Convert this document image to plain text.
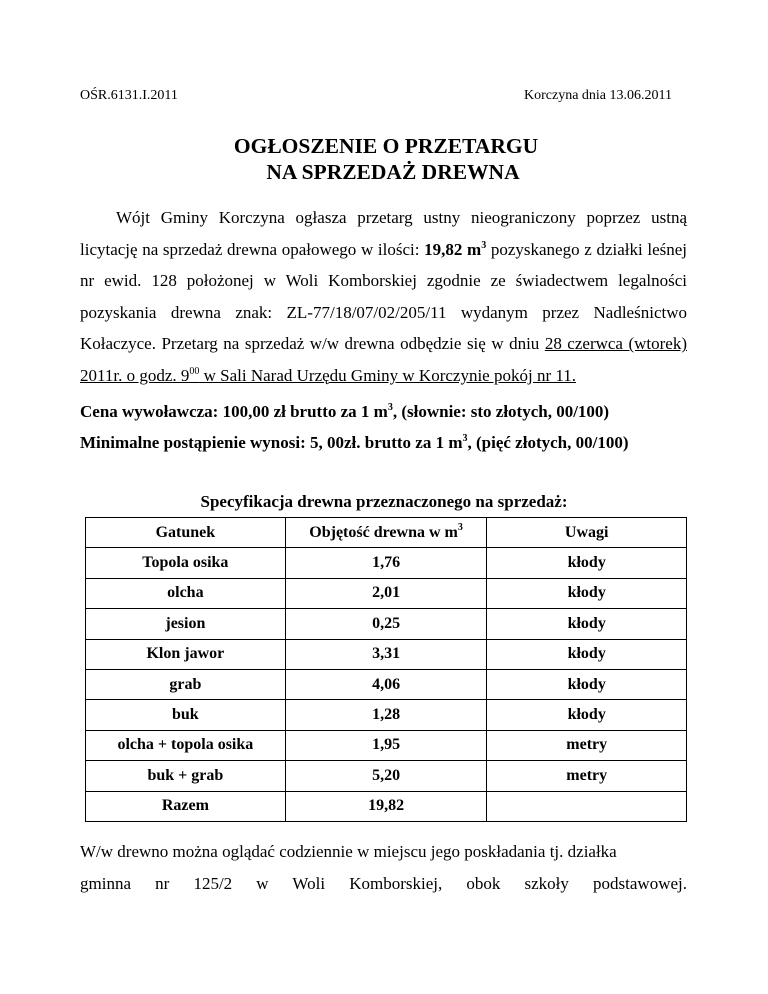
OŚR.6131.I.2011	Korczyna dnia 13.06.2011
OGŁOSZENIE O PRZETARGU
NA SPRZEDAŻ DREWNA

Wójt Gminy Korczyna ogłasza przetarg ustny nieograniczony poprzez ustną licytację na sprzedaż drewna opałowego w ilości: 19,82 $m^3$ pozyskanego z działki leśnej nr ewid. 128 położonej w Woli Komborskiej zgodnie ze świadectwem legalności pozyskania drewna znak: ZL-77/18/07/02/205/11 wydanym przez Nadleśnictwo Kołaczyce. Przetarg na sprzedaż w/w drewna odbędzie się w dniu 28 czerwca (wtorek) 2011r. o godz. $9^{00}$ w Sali Narad Urzędu Gminy w Korczynie pokój nr 11.

Cena wywoławcza: 100,00 zł brutto za 1 $m^3$, (słownie: sto złotych, 00/100)
Minimalne postąpienie wynosi: 5, 00zł. brutto za 1 $m^3$, (pięć złotych, 00/100)
Specyfikacja drewna przeznaczonego na sprzedaż:
Gatunek	Objętość drewna w $m^3$	Uwagi
Topola osika	1,76	kłody
olcha	2,01	kłody
jesion	0,25	kłody
Klon jawor	3,31	kłody
grab	4,06	kłody
buk	1,28	kłody
olcha + topola osika	1,95	metry
buk + grab	5,20	metry
Razem	19,82	

W/w drewno można oglądać codziennie w miejscu jego poskładania tj. działka

gminna nr 125/2 w Woli Komborskiej, obok szkoły podstawowej.
